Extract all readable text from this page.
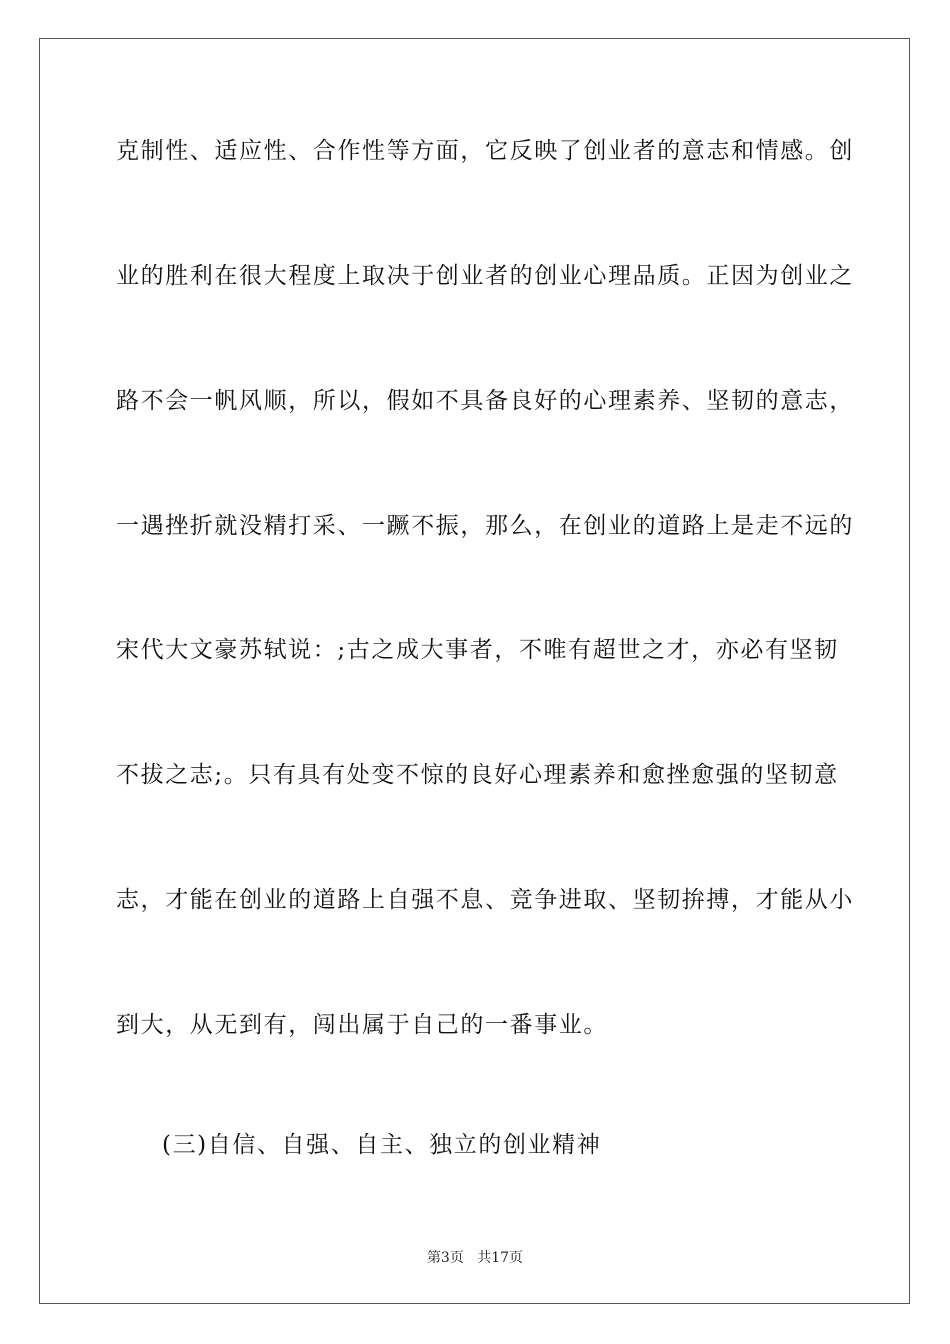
克制性、适应性、合作性等方面，它反映了创业者的意志和情感。创
业的胜利在很大程度上取决于创业者的创业心理品质。正因为创业之
路不会一帆风顺，所以，假如不具备良好的心理素养、坚韧的意志，
一遇挫折就没精打采、一蹶不振，那么，在创业的道路上是走不远的
宋代大文豪苏轼说：;古之成大事者，不唯有超世之才，亦必有坚韧
不拔之志;。只有具有处变不惊的良好心理素养和愈挫愈强的坚韧意
志，才能在创业的道路上自强不息、竞争进取、坚韧拚搏，才能从小
到大，从无到有，闯出属于自己的一番事业。
(三)自信、自强、自主、独立的创业精神
第3页 共17页
